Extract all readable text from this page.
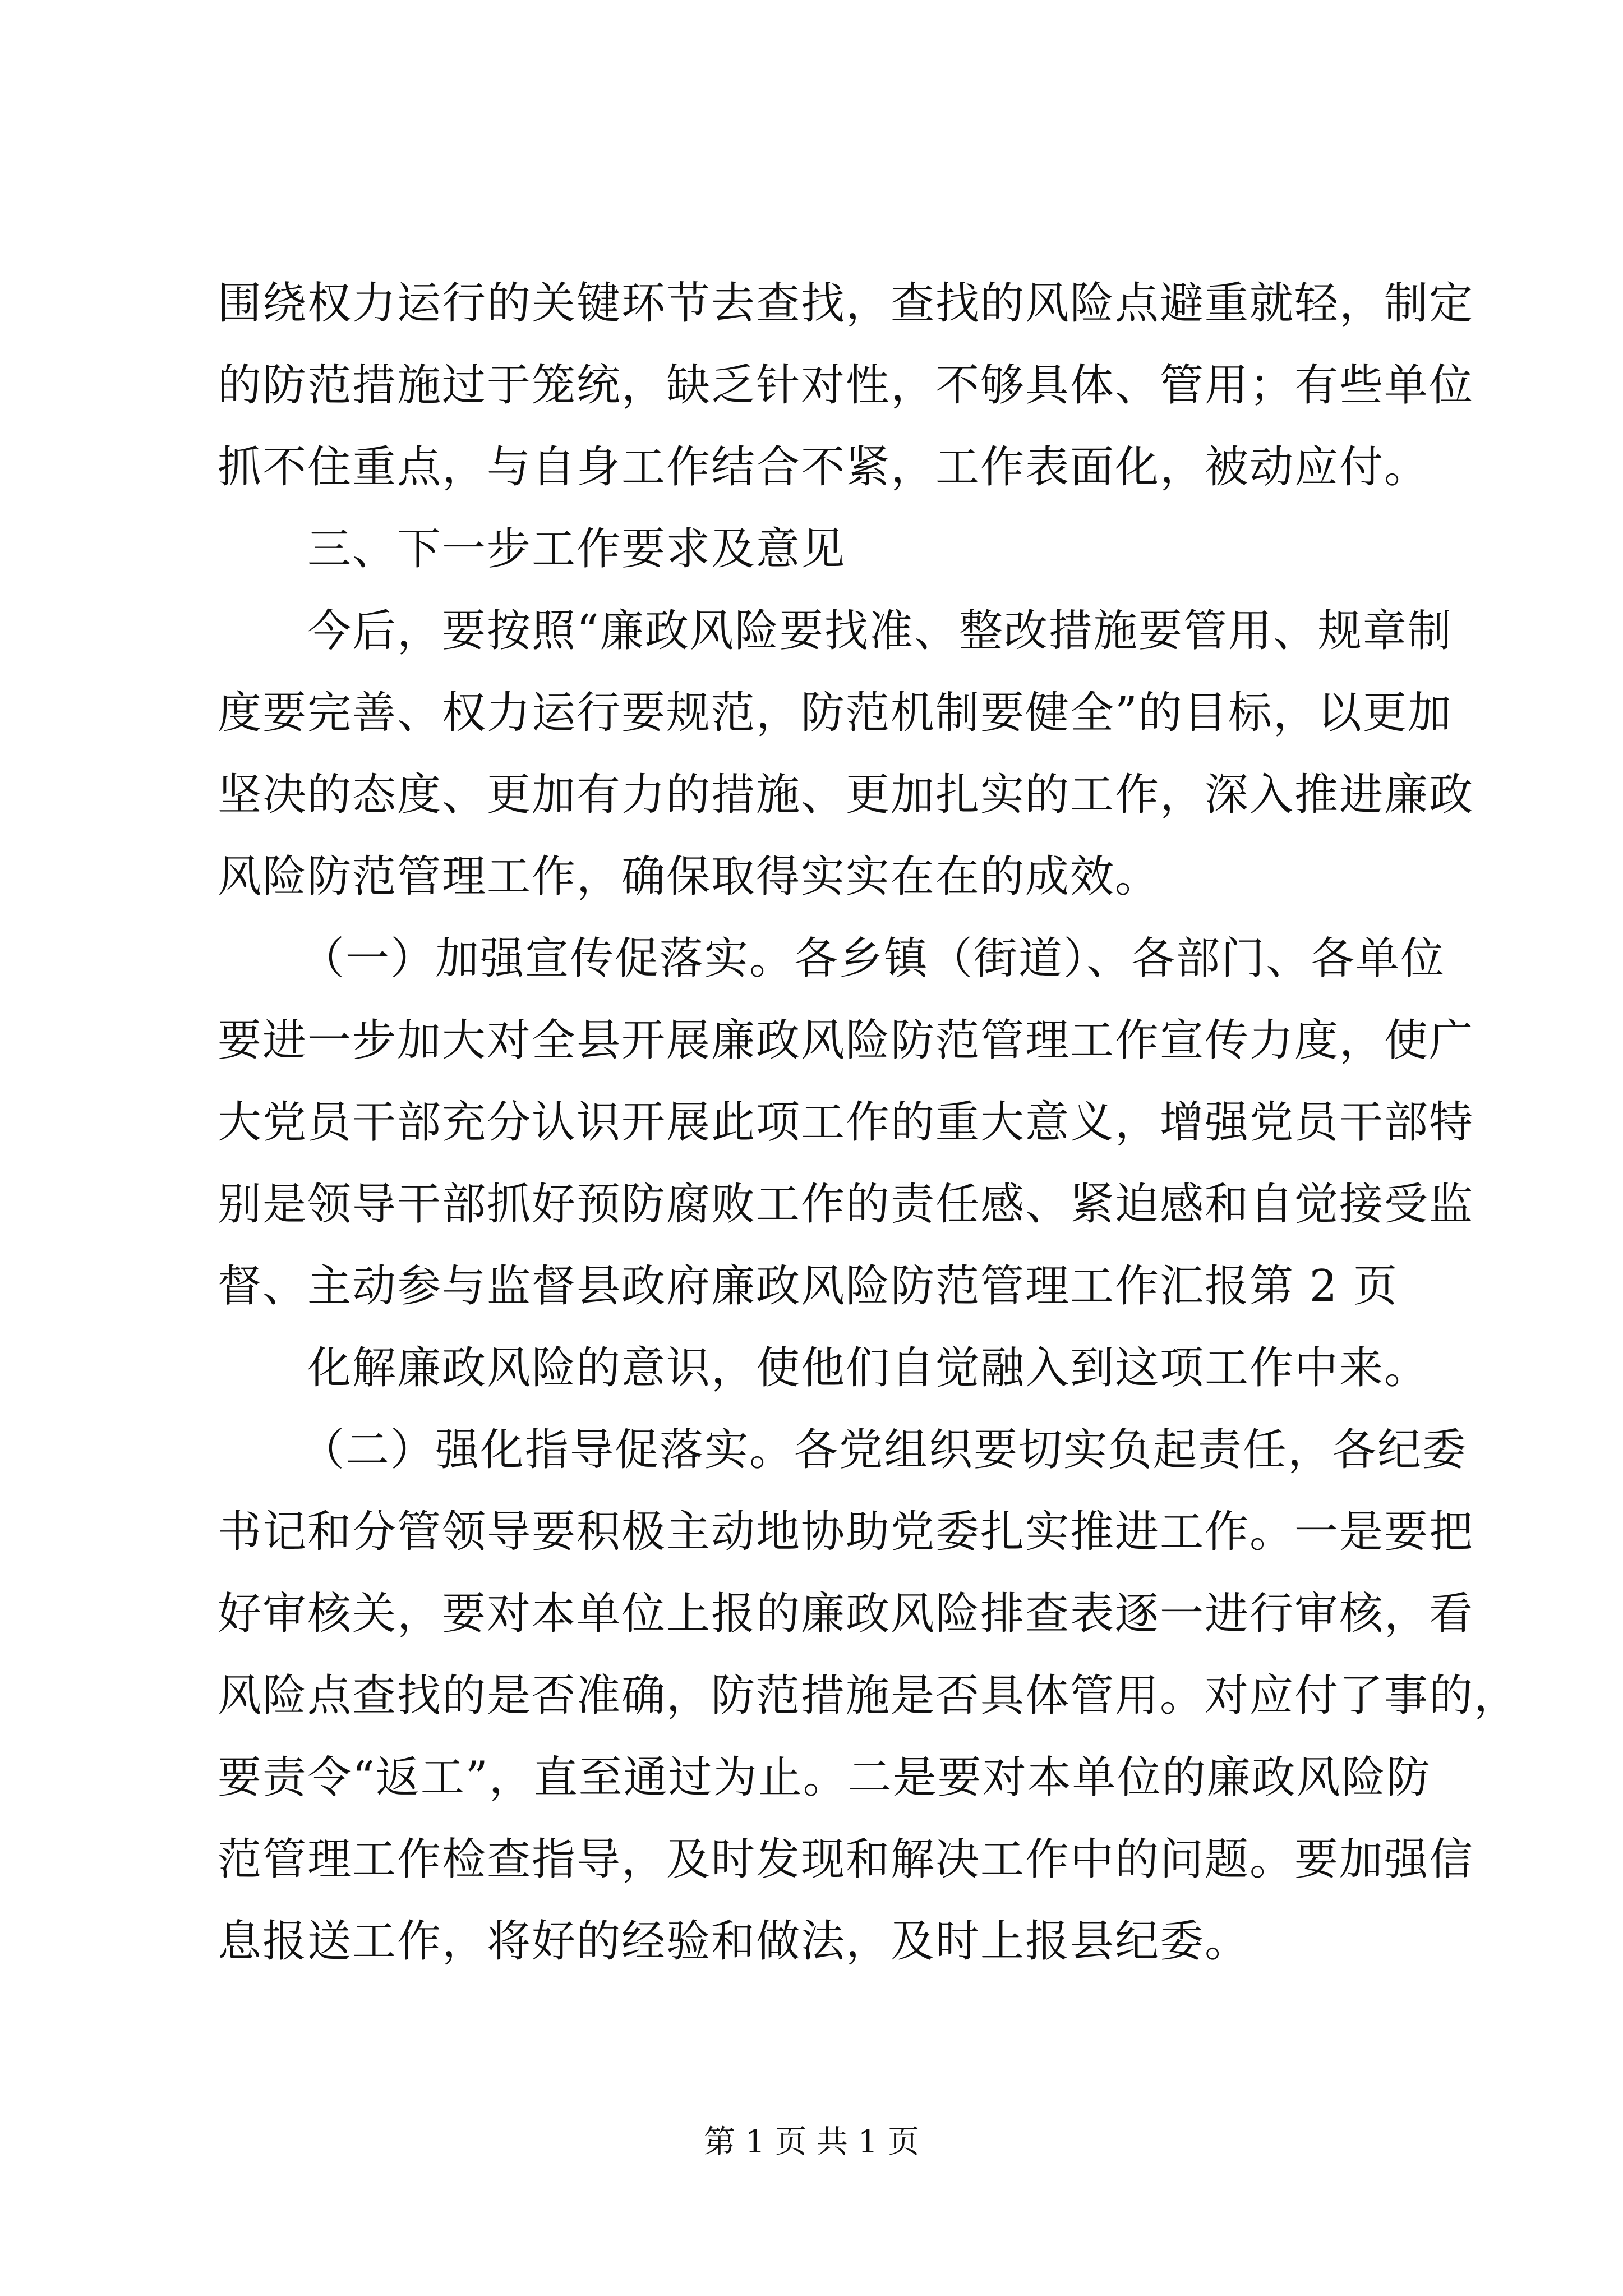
围绕权力运行的关键环节去查找，查找的风险点避重就轻，制定
的防范措施过于笼统，缺乏针对性，不够具体、管用；有些单位
抓不住重点，与自身工作结合不紧，工作表面化，被动应付。
三、下一步工作要求及意见
今后，要按照“廉政风险要找准、整改措施要管用、规章制
度要完善、权力运行要规范，防范机制要健全”的目标，以更加
坚决的态度、更加有力的措施、更加扎实的工作，深入推进廉政
风险防范管理工作，确保取得实实在在的成效。
（一）加强宣传促落实。各乡镇（街道）、各部门、各单位
要进一步加大对全县开展廉政风险防范管理工作宣传力度，使广
大党员干部充分认识开展此项工作的重大意义，增强党员干部特
别是领导干部抓好预防腐败工作的责任感、紧迫感和自觉接受监
督、主动参与监督县政府廉政风险防范管理工作汇报第 2 页
化解廉政风险的意识，使他们自觉融入到这项工作中来。
（二）强化指导促落实。各党组织要切实负起责任，各纪委
书记和分管领导要积极主动地协助党委扎实推进工作。一是要把
好审核关，要对本单位上报的廉政风险排查表逐一进行审核，看
风险点查找的是否准确，防范措施是否具体管用。对应付了事的，
要责令“返工”，直至通过为止。二是要对本单位的廉政风险防
范管理工作检查指导，及时发现和解决工作中的问题。要加强信
息报送工作，将好的经验和做法，及时上报县纪委。
第 1 页 共 1 页
